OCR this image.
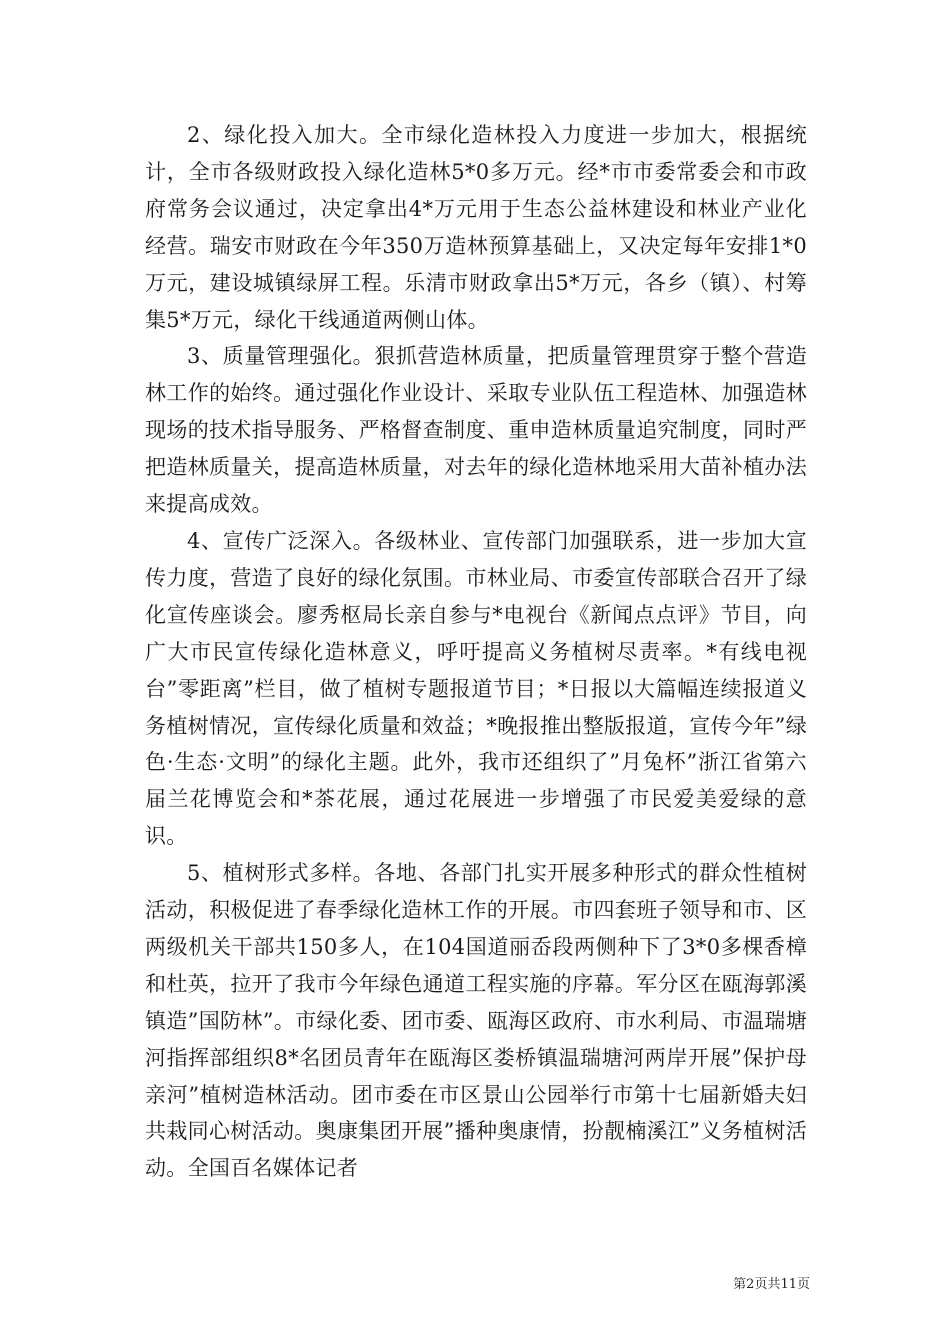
2、绿化投入加大。全市绿化造林投入力度进一步加大，根据统计，全市各级财政投入绿化造林5*0多万元。经*市市委常委会和市政府常务会议通过，决定拿出4*万元用于生态公益林建设和林业产业化经营。瑞安市财政在今年350万造林预算基础上，又决定每年安排1*0万元，建设城镇绿屏工程。乐清市财政拿出5*万元，各乡（镇）、村筹集5*万元，绿化干线通道两侧山体。

3、质量管理强化。狠抓营造林质量，把质量管理贯穿于整个营造林工作的始终。通过强化作业设计、采取专业队伍工程造林、加强造林现场的技术指导服务、严格督查制度、重申造林质量追究制度，同时严把造林质量关，提高造林质量，对去年的绿化造林地采用大苗补植办法来提高成效。

4、宣传广泛深入。各级林业、宣传部门加强联系，进一步加大宣传力度，营造了良好的绿化氛围。市林业局、市委宣传部联合召开了绿化宣传座谈会。廖秀枢局长亲自参与*电视台《新闻点点评》节目，向广大市民宣传绿化造林意义，呼吁提高义务植树尽责率。*有线电视台”零距离”栏目，做了植树专题报道节目；*日报以大篇幅连续报道义务植树情况，宣传绿化质量和效益；*晚报推出整版报道，宣传今年”绿色·生态·文明”的绿化主题。此外，我市还组织了”月兔杯”浙江省第六届兰花博览会和*茶花展，通过花展进一步增强了市民爱美爱绿的意识。

5、植树形式多样。各地、各部门扎实开展多种形式的群众性植树活动，积极促进了春季绿化造林工作的开展。市四套班子领导和市、区两级机关干部共150多人，在104国道丽岙段两侧种下了3*0多棵香樟和杜英，拉开了我市今年绿色通道工程实施的序幕。军分区在瓯海郭溪镇造”国防林”。市绿化委、团市委、瓯海区政府、市水利局、市温瑞塘河指挥部组织8*名团员青年在瓯海区娄桥镇温瑞塘河两岸开展”保护母亲河”植树造林活动。团市委在市区景山公园举行市第十七届新婚夫妇共栽同心树活动。奥康集团开展”播种奥康情，扮靓楠溪江”义务植树活动。全国百名媒体记者

第2页共11页
